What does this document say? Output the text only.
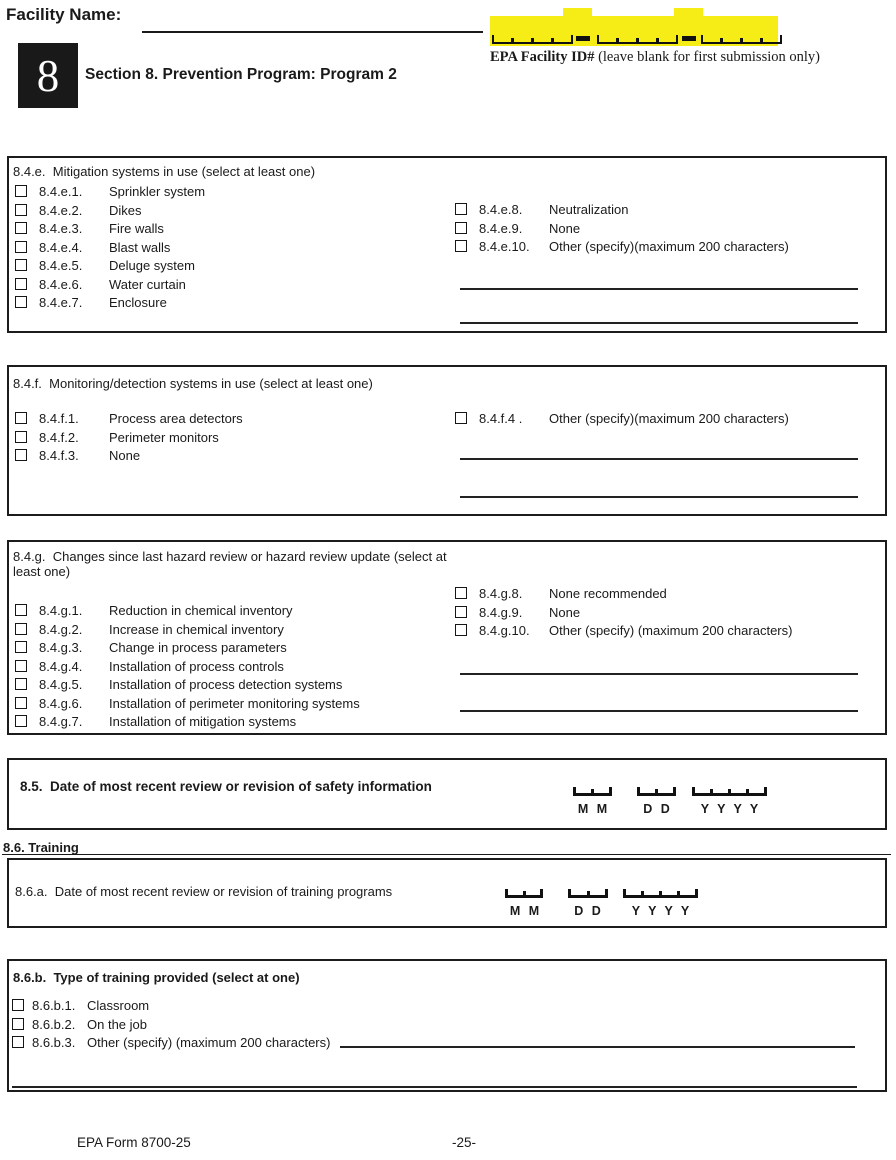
Facility Name:
EPA Facility ID# (leave blank for first submission only)
8 Section 8. Prevention Program: Program 2
8.4.e.  Mitigation systems in use (select at least one)
8.4.e.1.	Sprinkler system
8.4.e.2.	Dikes
8.4.e.3.	Fire walls
8.4.e.4.	Blast walls
8.4.e.5.	Deluge system
8.4.e.6.	Water curtain
8.4.e.7.	Enclosure
8.4.e.8.	Neutralization
8.4.e.9.	None
8.4.e.10.	Other (specify)(maximum 200 characters)
8.4.f.  Monitoring/detection systems in use (select at least one)
8.4.f.1.	Process area detectors
8.4.f.2.	Perimeter monitors
8.4.f.3.	None
8.4.f.4 .	Other (specify)(maximum 200 characters)
8.4.g.  Changes since last hazard review or hazard review update (select at least one)
8.4.g.1.	Reduction in chemical inventory
8.4.g.2.	Increase in chemical inventory
8.4.g.3.	Change in process parameters
8.4.g.4.	Installation of process controls
8.4.g.5.	Installation of process detection systems
8.4.g.6.	Installation of perimeter monitoring systems
8.4.g.7.	Installation of mitigation systems
8.4.g.8.	None recommended
8.4.g.9.	None
8.4.g.10.	Other (specify) (maximum 200 characters)
8.5.  Date of most recent review or revision of safety information
M M	D D	Y Y Y Y
8.6. Training
8.6.a.  Date of most recent review or revision of training programs
M M	D D	Y Y Y Y
8.6.b.  Type of training provided (select at one)
8.6.b.1. Classroom
8.6.b.2. On the job
8.6.b.3. Other (specify) (maximum 200 characters)
EPA Form 8700-25	-25-
